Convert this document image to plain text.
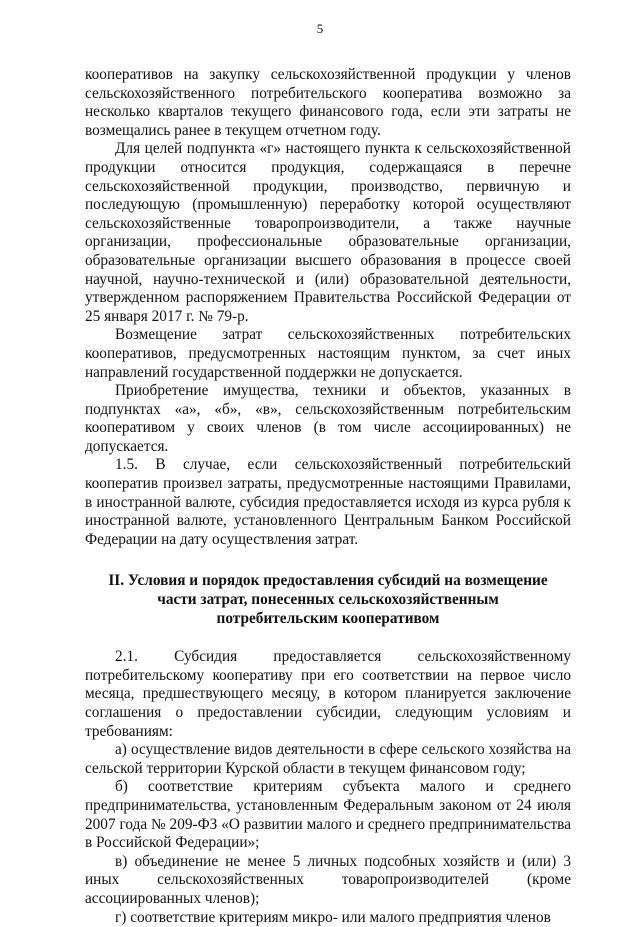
5

кооперативов на закупку сельскохозяйственной продукции у членов сельскохозяйственного потребительского кооператива возможно за несколько кварталов текущего финансового года, если эти затраты не возмещались ранее в текущем отчетном году.

Для целей подпункта «г» настоящего пункта к сельскохозяйственной продукции относится продукция, содержащаяся в перечне сельскохозяйственной продукции, производство, первичную и последующую (промышленную) переработку которой осуществляют сельскохозяйственные товаропроизводители, а также научные организации, профессиональные образовательные организации, образовательные организации высшего образования в процессе своей научной, научно-технической и (или) образовательной деятельности, утвержденном распоряжением Правительства Российской Федерации от 25 января 2017 г. № 79-р.

Возмещение затрат сельскохозяйственных потребительских кооперативов, предусмотренных настоящим пунктом, за счет иных направлений государственной поддержки не допускается.

Приобретение имущества, техники и объектов, указанных в подпунктах «а», «б», «в», сельскохозяйственным потребительским кооперативом у своих членов (в том числе ассоциированных) не допускается.

1.5. В случае, если сельскохозяйственный потребительский кооператив произвел затраты, предусмотренные настоящими Правилами, в иностранной валюте, субсидия предоставляется исходя из курса рубля к иностранной валюте, установленного Центральным Банком Российской Федерации на дату осуществления затрат.

II. Условия и порядок предоставления субсидий на возмещение
части затрат, понесенных сельскохозяйственным
потребительским кооперативом

2.1. Субсидия предоставляется сельскохозяйственному потребительскому кооперативу при его соответствии на первое число месяца, предшествующего месяцу, в котором планируется заключение соглашения о предоставлении субсидии, следующим условиям и требованиям:

а) осуществление видов деятельности в сфере сельского хозяйства на сельской территории Курской области в текущем финансовом году;

б) соответствие критериям субъекта малого и среднего предпринимательства, установленным Федеральным законом от 24 июля 2007 года № 209-ФЗ «О развитии малого и среднего предпринимательства в Российской Федерации»;

в) объединение не менее 5 личных подсобных хозяйств и (или) 3 иных сельскохозяйственных товаропроизводителей (кроме ассоциированных членов);

г) соответствие критериям микро- или малого предприятия членов
